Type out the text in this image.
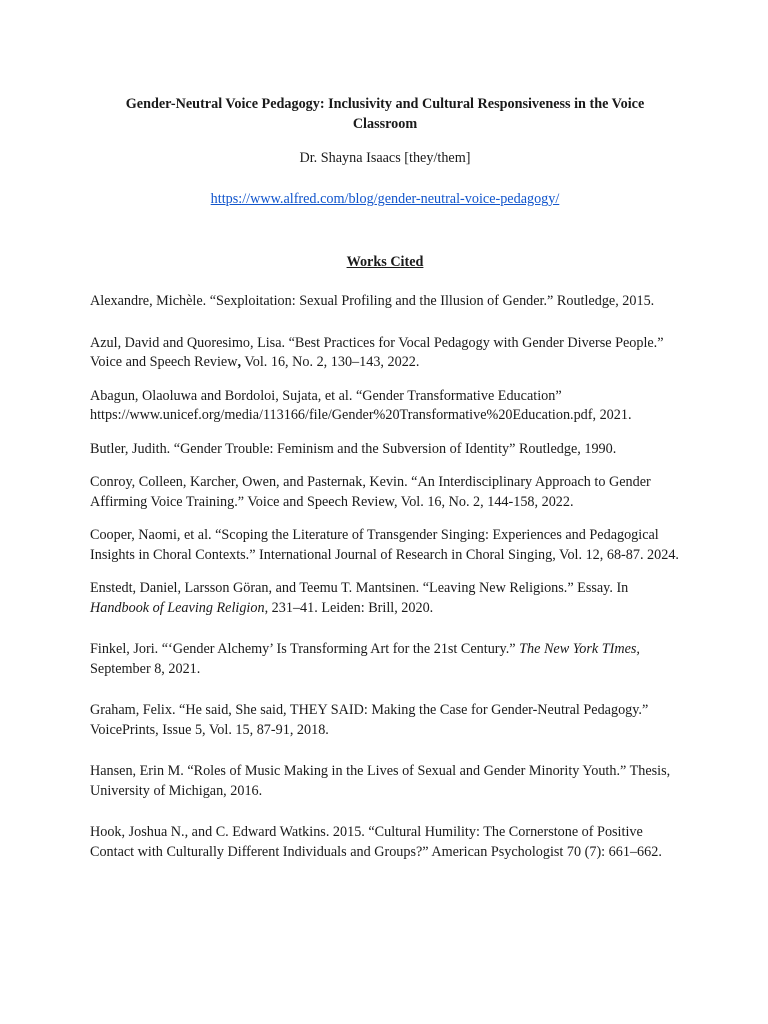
Gender-Neutral Voice Pedagogy: Inclusivity and Cultural Responsiveness in the Voice Classroom

Dr. Shayna Isaacs [they/them]

https://www.alfred.com/blog/gender-neutral-voice-pedagogy/

Works Cited

Alexandre, Michèle. “Sexploitation: Sexual Profiling and the Illusion of Gender.” Routledge, 2015.

Azul, David and Quoresimo, Lisa. “Best Practices for Vocal Pedagogy with Gender Diverse People.” Voice and Speech Review, Vol. 16, No. 2, 130–143, 2022.

Abagun, Olaoluwa and Bordoloi, Sujata, et al. “Gender Transformative Education” https://www.unicef.org/media/113166/file/Gender%20Transformative%20Education.pdf, 2021.

Butler, Judith. “Gender Trouble: Feminism and the Subversion of Identity” Routledge, 1990.

Conroy, Colleen, Karcher, Owen, and Pasternak, Kevin. “An Interdisciplinary Approach to Gender Affirming Voice Training.” Voice and Speech Review, Vol. 16, No. 2, 144-158, 2022.

Cooper, Naomi, et al. “Scoping the Literature of Transgender Singing: Experiences and Pedagogical Insights in Choral Contexts.” International Journal of Research in Choral Singing, Vol. 12, 68-87. 2024.

Enstedt, Daniel, Larsson Göran, and Teemu T. Mantsinen. “Leaving New Religions.” Essay. In Handbook of Leaving Religion, 231–41. Leiden: Brill, 2020.

Finkel, Jori. “‘Gender Alchemy’ Is Transforming Art for the 21st Century.” The New York TImes, September 8, 2021.

Graham, Felix. “He said, She said, THEY SAID: Making the Case for Gender-Neutral Pedagogy.” VoicePrints, Issue 5, Vol. 15, 87-91, 2018.

Hansen, Erin M. “Roles of Music Making in the Lives of Sexual and Gender Minority Youth.” Thesis, University of Michigan, 2016.

Hook, Joshua N., and C. Edward Watkins. 2015. “Cultural Humility: The Cornerstone of Positive Contact with Culturally Different Individuals and Groups?” American Psychologist 70 (7): 661–662.
